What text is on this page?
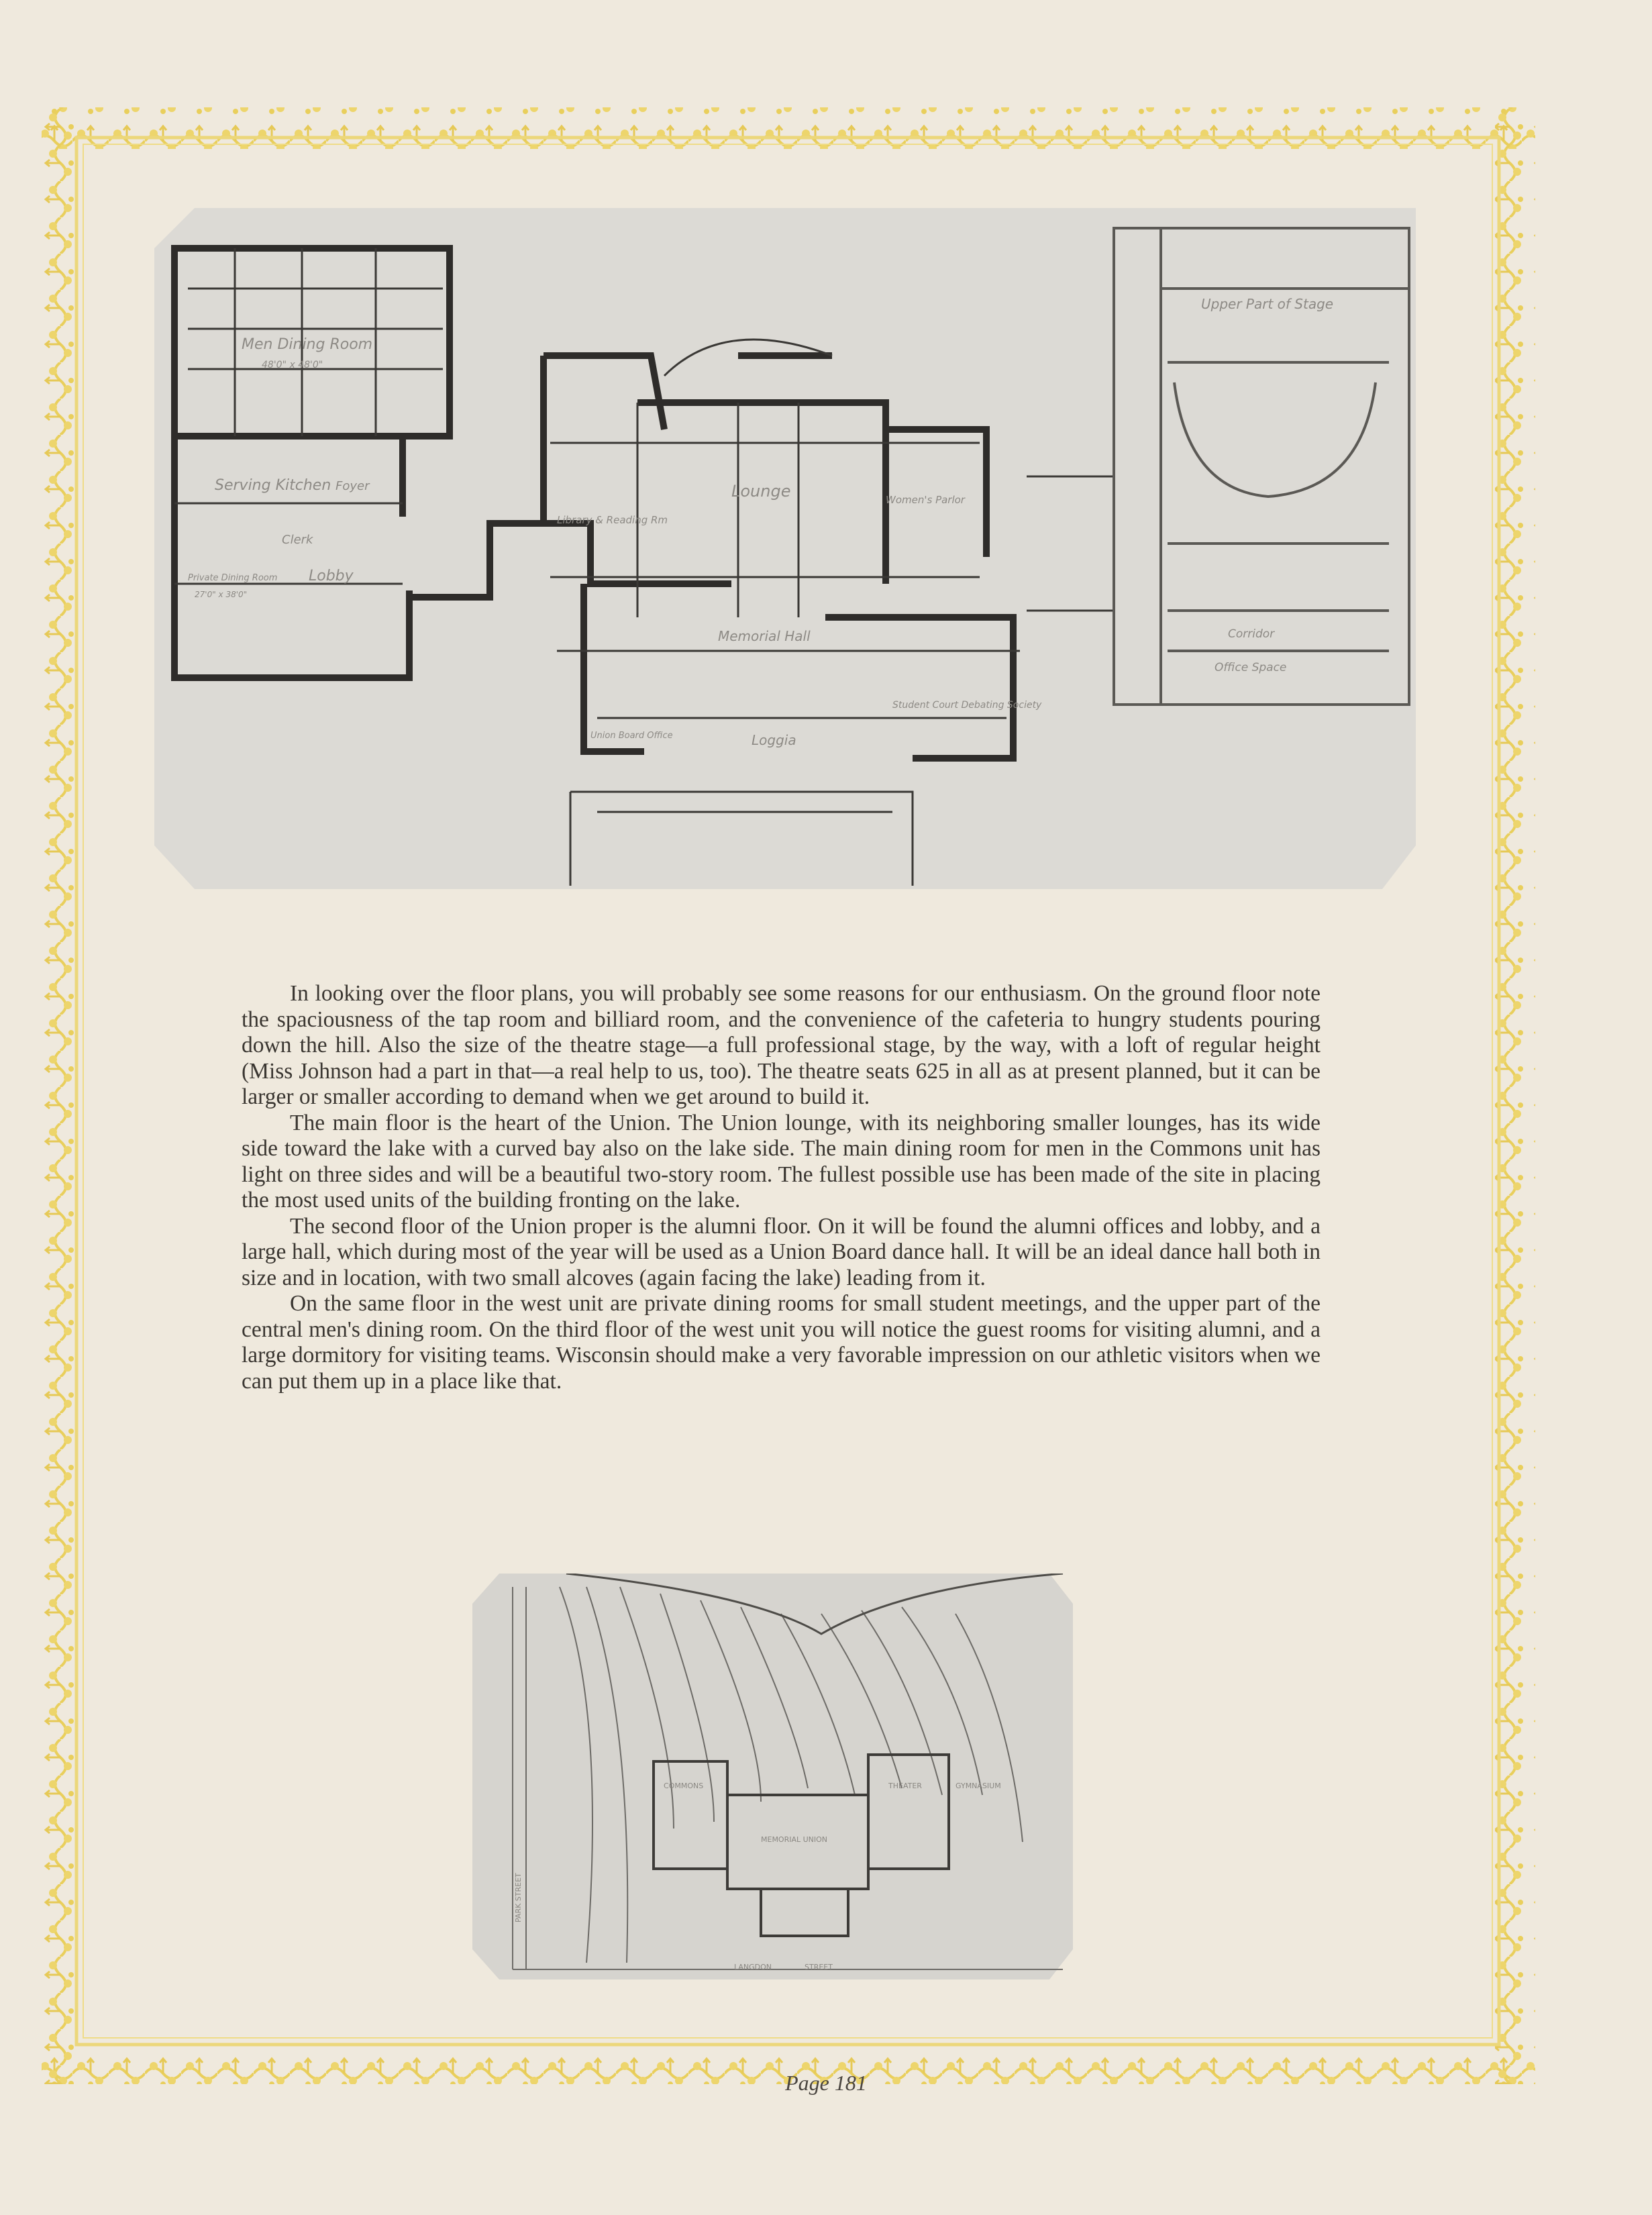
Men Dining Room
48'0" x 48'0"
Serving Kitchen Foyer
Clerk
Lobby
Private Dining Room
27'0" x 38'0"
Lounge
Library & Reading Rm
Women's Parlor
Memorial Hall
Loggia
Student Court Debating Society
Union Board Office
Upper Part of Stage
Corridor
Office Space

In looking over the floor plans, you will probably see some reasons for our enthusiasm. On the ground floor note the spaciousness of the tap room and billiard room, and the convenience of the cafeteria to hungry students pouring down the hill. Also the size of the theatre stage—a full professional stage, by the way, with a loft of regular height (Miss Johnson had a part in that—a real help to us, too). The theatre seats 625 in all as at present planned, but it can be larger or smaller according to demand when we get around to build it.

The main floor is the heart of the Union. The Union lounge, with its neighboring smaller lounges, has its wide side toward the lake with a curved bay also on the lake side. The main dining room for men in the Commons unit has light on three sides and will be a beautiful two-story room. The fullest possible use has been made of the site in placing the most used units of the building fronting on the lake.

The second floor of the Union proper is the alumni floor. On it will be found the alumni offices and lobby, and a large hall, which during most of the year will be used as a Union Board dance hall. It will be an ideal dance hall both in size and in location, with two small alcoves (again facing the lake) leading from it.

On the same floor in the west unit are private dining rooms for small student meetings, and the upper part of the central men's dining room. On the third floor of the west unit you will notice the guest rooms for visiting alumni, and a large dormitory for visiting teams. Wisconsin should make a very favorable impression on our athletic visitors when we can put them up in a place like that.

COMMONS	THEATER	GYMNASIUM
MEMORIAL UNION
LANGDON	STREET
PARK STREET
Page 181
